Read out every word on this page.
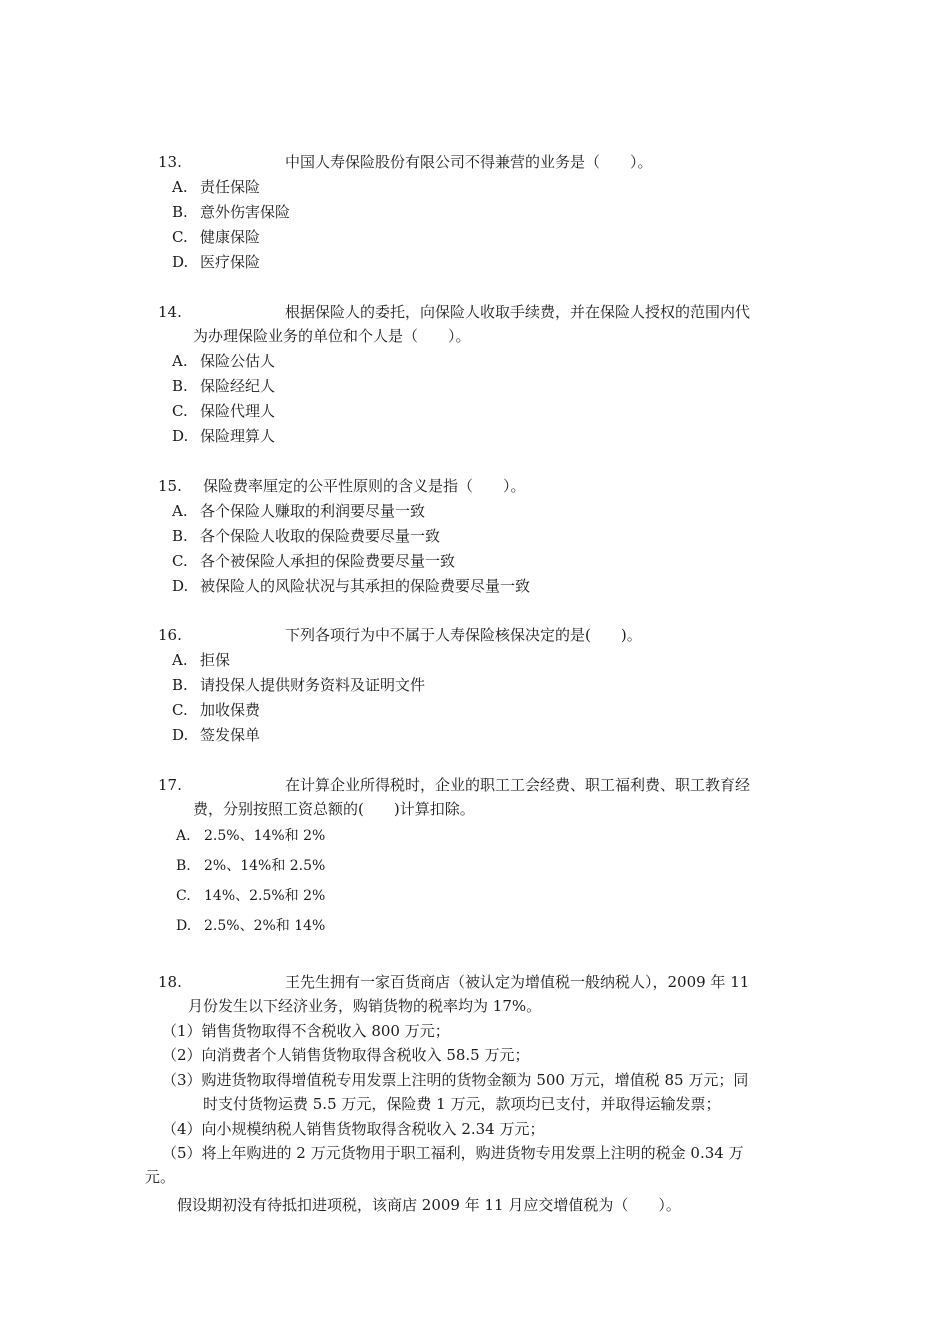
13.	中国人寿保险股份有限公司不得兼营的业务是（　　）。
A. 责任保险
B. 意外伤害保险
C. 健康保险
D. 医疗保险
14.	根据保险人的委托，向保险人收取手续费，并在保险人授权的范围内代
为办理保险业务的单位和个人是（　　）。
A. 保险公估人
B. 保险经纪人
C. 保险代理人
D. 保险理算人
15. 保险费率厘定的公平性原则的含义是指（　　）。
A. 各个保险人赚取的利润要尽量一致
B. 各个保险人收取的保险费要尽量一致
C. 各个被保险人承担的保险费要尽量一致
D. 被保险人的风险状况与其承担的保险费要尽量一致
16.	下列各项行为中不属于人寿保险核保决定的是(　　)。
A. 拒保
B. 请投保人提供财务资料及证明文件
C. 加收保费
D. 签发保单
17.	在计算企业所得税时，企业的职工工会经费、职工福利费、职工教育经
费，分别按照工资总额的(　　)计算扣除。
A. 2.5%、14%和 2%
B. 2%、14%和 2.5%
C. 14%、2.5%和 2%
D. 2.5%、2%和 14%
18.	王先生拥有一家百货商店（被认定为增值税一般纳税人），2009 年 11
月份发生以下经济业务，购销货物的税率均为 17%。
（1）销售货物取得不含税收入 800 万元；
（2）向消费者个人销售货物取得含税收入 58.5 万元；
（3）购进货物取得增值税专用发票上注明的货物金额为 500 万元，增值税 85 万元；同
时支付货物运费 5.5 万元，保险费 1 万元，款项均已支付，并取得运输发票；
（4）向小规模纳税人销售货物取得含税收入 2.34 万元；
（5）将上年购进的 2 万元货物用于职工福利，购进货物专用发票上注明的税金 0.34 万
元。
假设期初没有待抵扣进项税，该商店 2009 年 11 月应交增值税为（　　）。
